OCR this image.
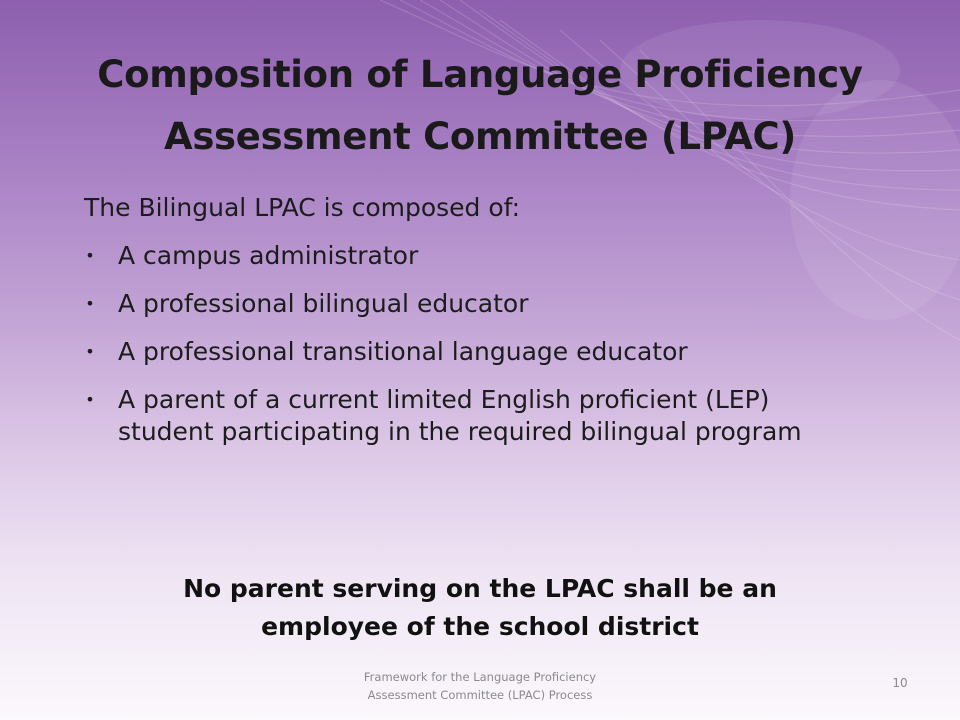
Composition of Language Proficiency
Assessment Committee (LPAC)
The Bilingual LPAC is composed of:
• A campus administrator
• A professional bilingual educator
• A professional transitional language educator
• A parent of a current limited English proficient (LEP) student participating in the required bilingual program
No parent serving on the LPAC shall be an
employee of the school district
Framework for the Language Proficiency
Assessment Committee (LPAC) Process
10
